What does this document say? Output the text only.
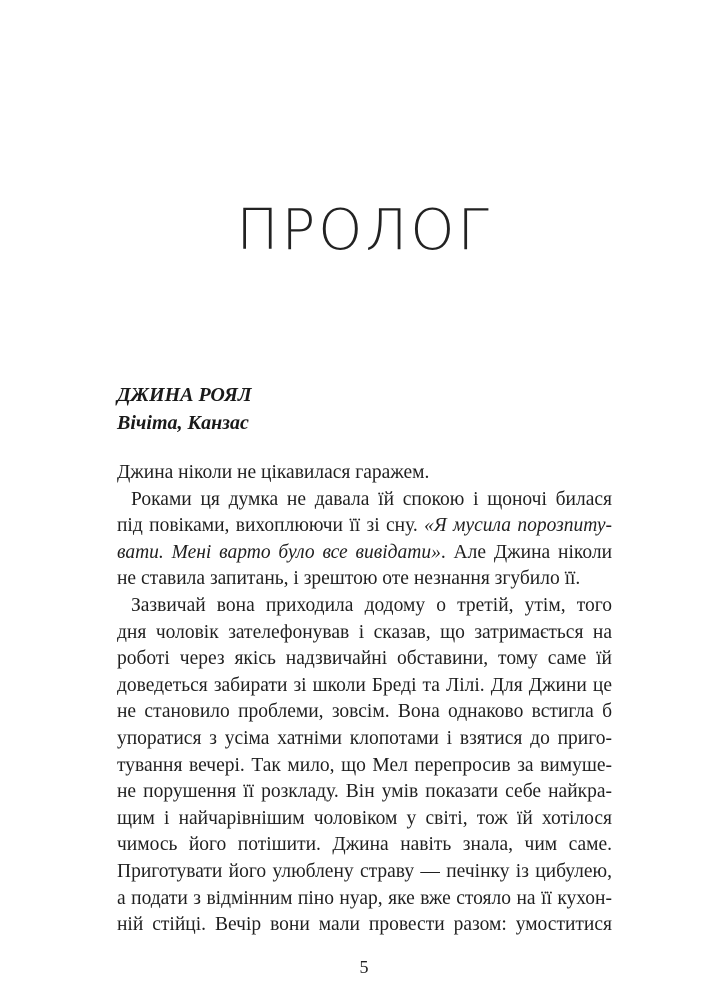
ПРОЛОГ
ДЖИНА РОЯЛ
Вічіта, Канзас
Джина ніколи не цікавилася гаражем.
Роками ця думка не давала їй спокою і щоночі билася
під повіками, вихоплюючи її зі сну. «Я мусила порозпиту-
вати. Мені варто було все вивідати». Але Джина ніколи
не ставила запитань, і зрештою оте незнання згубило її.
Зазвичай вона приходила додому о третій, утім, того
дня чоловік зателефонував і сказав, що затримається на
роботі через якісь надзвичайні обставини, тому саме їй
доведеться забирати зі школи Бреді та Лілі. Для Джини це
не становило проблеми, зовсім. Вона однаково встигла б
упоратися з усіма хатніми клопотами і взятися до приго-
тування вечері. Так мило, що Мел перепросив за вимуше-
не порушення її розкладу. Він умів показати себе найкра-
щим і найчарівнішим чоловіком у світі, тож їй хотілося
чимось його потішити. Джина навіть знала, чим саме.
Приготувати його улюблену страву — печінку із цибулею,
а подати з відмінним піно нуар, яке вже стояло на її кухон-
ній стійці. Вечір вони мали провести разом: умоститися
5
